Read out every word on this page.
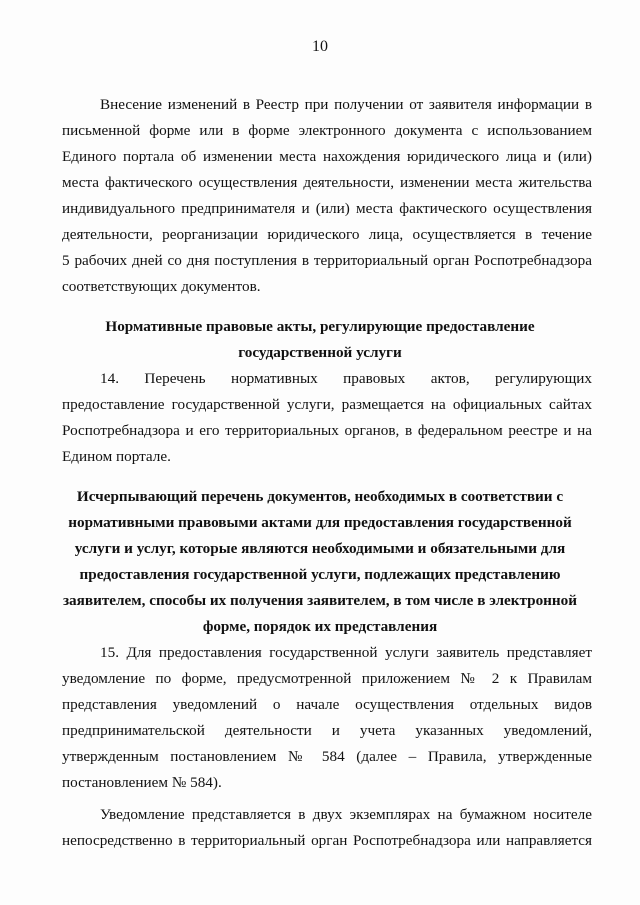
10
Внесение изменений в Реестр при получении от заявителя информации в
письменной форме или в форме электронного документа с использованием
Единого портала об изменении места нахождения юридического лица и (или)
места фактического осуществления деятельности, изменении места жительства
индивидуального предпринимателя и (или) места фактического осуществления
деятельности, реорганизации юридического лица, осуществляется в течение
5 рабочих дней со дня поступления в территориальный орган Роспотребнадзора
соответствующих документов.
Нормативные правовые акты, регулирующие предоставление
государственной услуги
14. Перечень нормативных правовых актов, регулирующих
предоставление государственной услуги, размещается на официальных сайтах
Роспотребнадзора и его территориальных органов, в федеральном реестре и на
Едином портале.
Исчерпывающий перечень документов, необходимых в соответствии с
нормативными правовыми актами для предоставления государственной
услуги и услуг, которые являются необходимыми и обязательными для
предоставления государственной услуги, подлежащих представлению
заявителем, способы их получения заявителем, в том числе в электронной
форме, порядок их представления
15. Для предоставления государственной услуги заявитель представляет
уведомление по форме, предусмотренной приложением № 2 к Правилам
представления уведомлений о начале осуществления отдельных видов
предпринимательской деятельности и учета указанных уведомлений,
утвержденным постановлением № 584 (далее – Правила, утвержденные
постановлением № 584).
Уведомление представляется в двух экземплярах на бумажном носителе
непосредственно в территориальный орган Роспотребнадзора или направляется
